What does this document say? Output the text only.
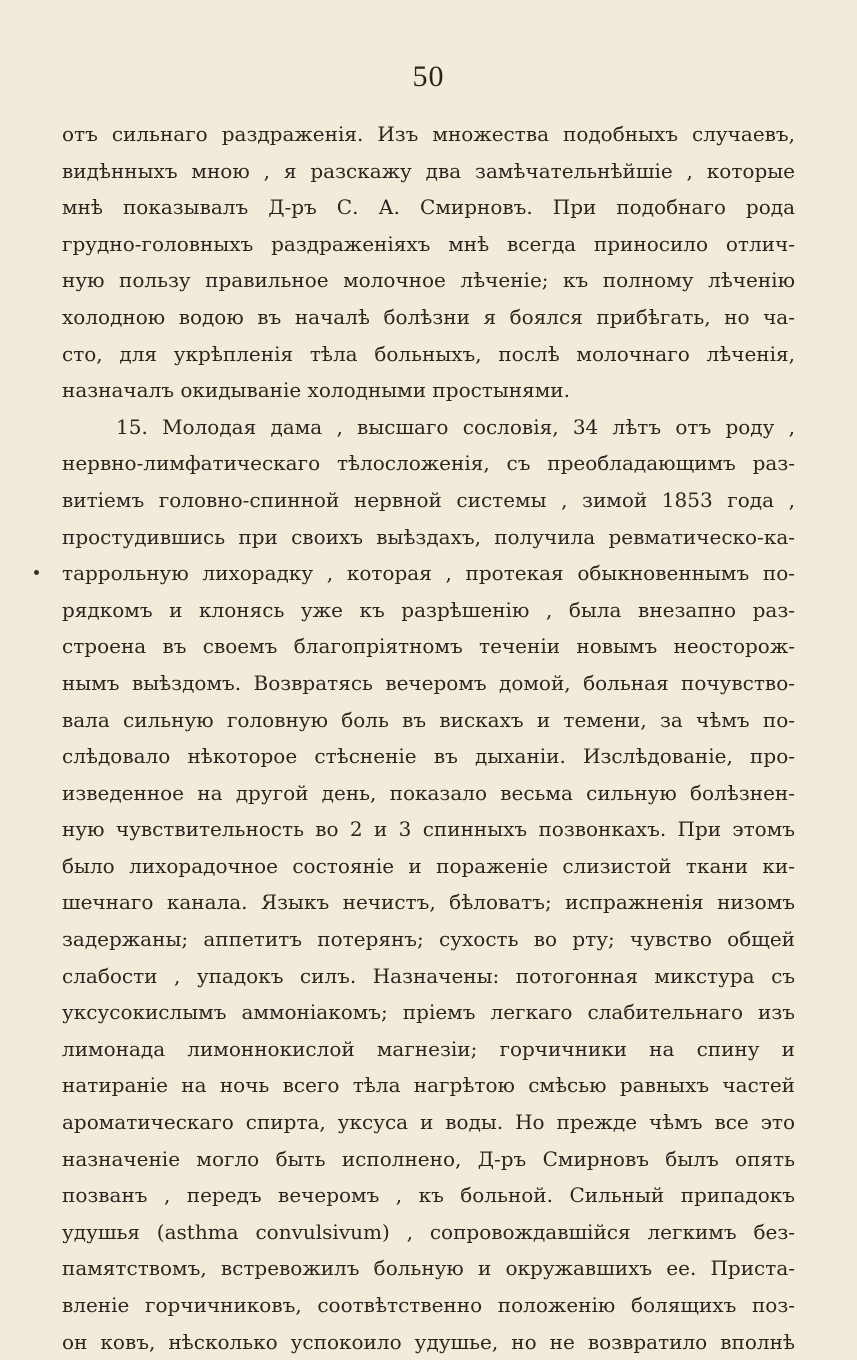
50
отъ сильнаго раздраженія. Изъ множества подобныхъ случаевъ,
видѣнныхъ мною , я разскажу два замѣчательнѣйшіе , которые
мнѣ показывалъ Д-ръ С. А. Смирновъ. При подобнаго рода
грудно-головныхъ раздраженіяхъ мнѣ всегда приносило отлич-
ную пользу правильное молочное лѣченіе; къ полному лѣченію
холодною водою въ началѣ болѣзни я боялся прибѣгать, но ча-
сто, для укрѣпленія тѣла больныхъ, послѣ молочнаго лѣченія,
назначалъ окидываніе холодными простынями.
15. Молодая дама , высшаго сословія, 34 лѣтъ отъ роду ,
нервно-лимфатическаго тѣлосложенія, съ преобладающимъ раз-
витіемъ головно-спинной нервной системы , зимой 1853 года ,
простудившись при своихъ выѣздахъ, получила ревматическо-ка-
таррольную лихорадку , которая , протекая обыкновеннымъ по-
рядкомъ и клонясь уже къ разрѣшенію , была внезапно раз-
строена въ своемъ благопріятномъ теченіи новымъ неосторож-
нымъ выѣздомъ. Возвратясь вечеромъ домой, больная почувство-
вала сильную головную боль въ вискахъ и темени, за чѣмъ по-
слѣдовало нѣкоторое стѣсненіе въ дыханіи. Изслѣдованіе, про-
изведенное на другой день, показало весьма сильную болѣзнен-
ную чувствительность во 2 и 3 спинныхъ позвонкахъ. При этомъ
было лихорадочное состояніе и пораженіе слизистой ткани ки-
шечнаго канала. Языкъ нечистъ, бѣловатъ; испражненія низомъ
задержаны; аппетитъ потерянъ; сухость во рту; чувство общей
слабости , упадокъ силъ. Назначены: потогонная микстура съ
уксусокислымъ аммоніакомъ; пріемъ легкаго слабительнаго изъ
лимонада лимоннокислой магнезіи; горчичники на спину и
натираніе на ночь всего тѣла нагрѣтою смѣсью равныхъ частей
ароматическаго спирта, уксуса и воды. Но прежде чѣмъ все это
назначеніе могло быть исполнено, Д-ръ Смирновъ былъ опять
позванъ , передъ вечеромъ , къ больной. Сильный припадокъ
удушья (asthma convulsivum) , сопровождавшійся легкимъ без-
памятствомъ, встревожилъ больную и окружавшихъ ее. Приста-
вленіе горчичниковъ, соотвѣтственно положенію болящихъ поз-
он ковъ, нѣсколько успокоило удушье, но не возвратило вполнѣ
